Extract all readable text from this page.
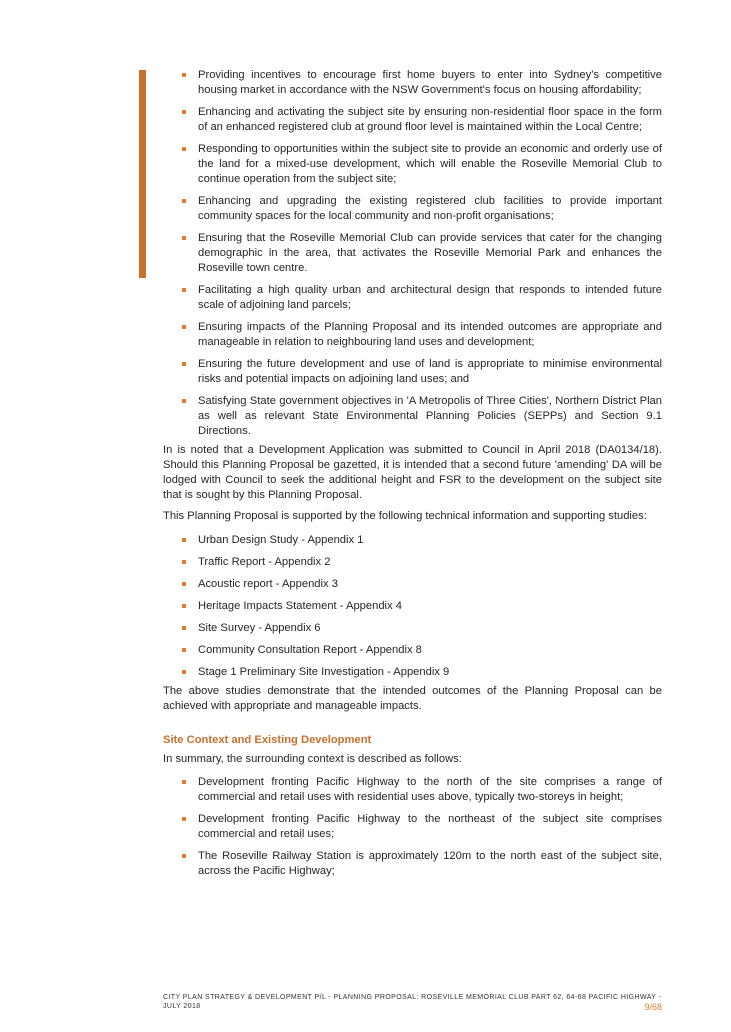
Providing incentives to encourage first home buyers to enter into Sydney's competitive housing market in accordance with the NSW Government's focus on housing affordability;
Enhancing and activating the subject site by ensuring non-residential floor space in the form of an enhanced registered club at ground floor level is maintained within the Local Centre;
Responding to opportunities within the subject site to provide an economic and orderly use of the land for a mixed-use development, which will enable the Roseville Memorial Club to continue operation from the subject site;
Enhancing and upgrading the existing registered club facilities to provide important community spaces for the local community and non-profit organisations;
Ensuring that the Roseville Memorial Club can provide services that cater for the changing demographic in the area, that activates the Roseville Memorial Park and enhances the Roseville town centre.
Facilitating a high quality urban and architectural design that responds to intended future scale of adjoining land parcels;
Ensuring impacts of the Planning Proposal and its intended outcomes are appropriate and manageable in relation to neighbouring land uses and development;
Ensuring the future development and use of land is appropriate to minimise environmental risks and potential impacts on adjoining land uses; and
Satisfying State government objectives in 'A Metropolis of Three Cities', Northern District Plan as well as relevant State Environmental Planning Policies (SEPPs) and Section 9.1 Directions.

In is noted that a Development Application was submitted to Council in April 2018 (DA0134/18). Should this Planning Proposal be gazetted, it is intended that a second future 'amending' DA will be lodged with Council to seek the additional height and FSR to the development on the subject site that is sought by this Planning Proposal.

This Planning Proposal is supported by the following technical information and supporting studies:

Urban Design Study - Appendix 1
Traffic Report - Appendix 2
Acoustic report - Appendix 3
Heritage Impacts Statement - Appendix 4
Site Survey - Appendix 6
Community Consultation Report - Appendix 8
Stage 1 Preliminary Site Investigation - Appendix 9

The above studies demonstrate that the intended outcomes of the Planning Proposal can be achieved with appropriate and manageable impacts.

Site Context and Existing Development

In summary, the surrounding context is described as follows:

Development fronting Pacific Highway to the north of the site comprises a range of commercial and retail uses with residential uses above, typically two-storeys in height;
Development fronting Pacific Highway to the northeast of the subject site comprises commercial and retail uses;
The Roseville Railway Station is approximately 120m to the north east of the subject site, across the Pacific Highway;
CITY PLAN STRATEGY & DEVELOPMENT P/L - PLANNING PROPOSAL: ROSEVILLE MEMORIAL CLUB PART 62, 64-68 PACIFIC HIGHWAY - JULY 2018	9/68
